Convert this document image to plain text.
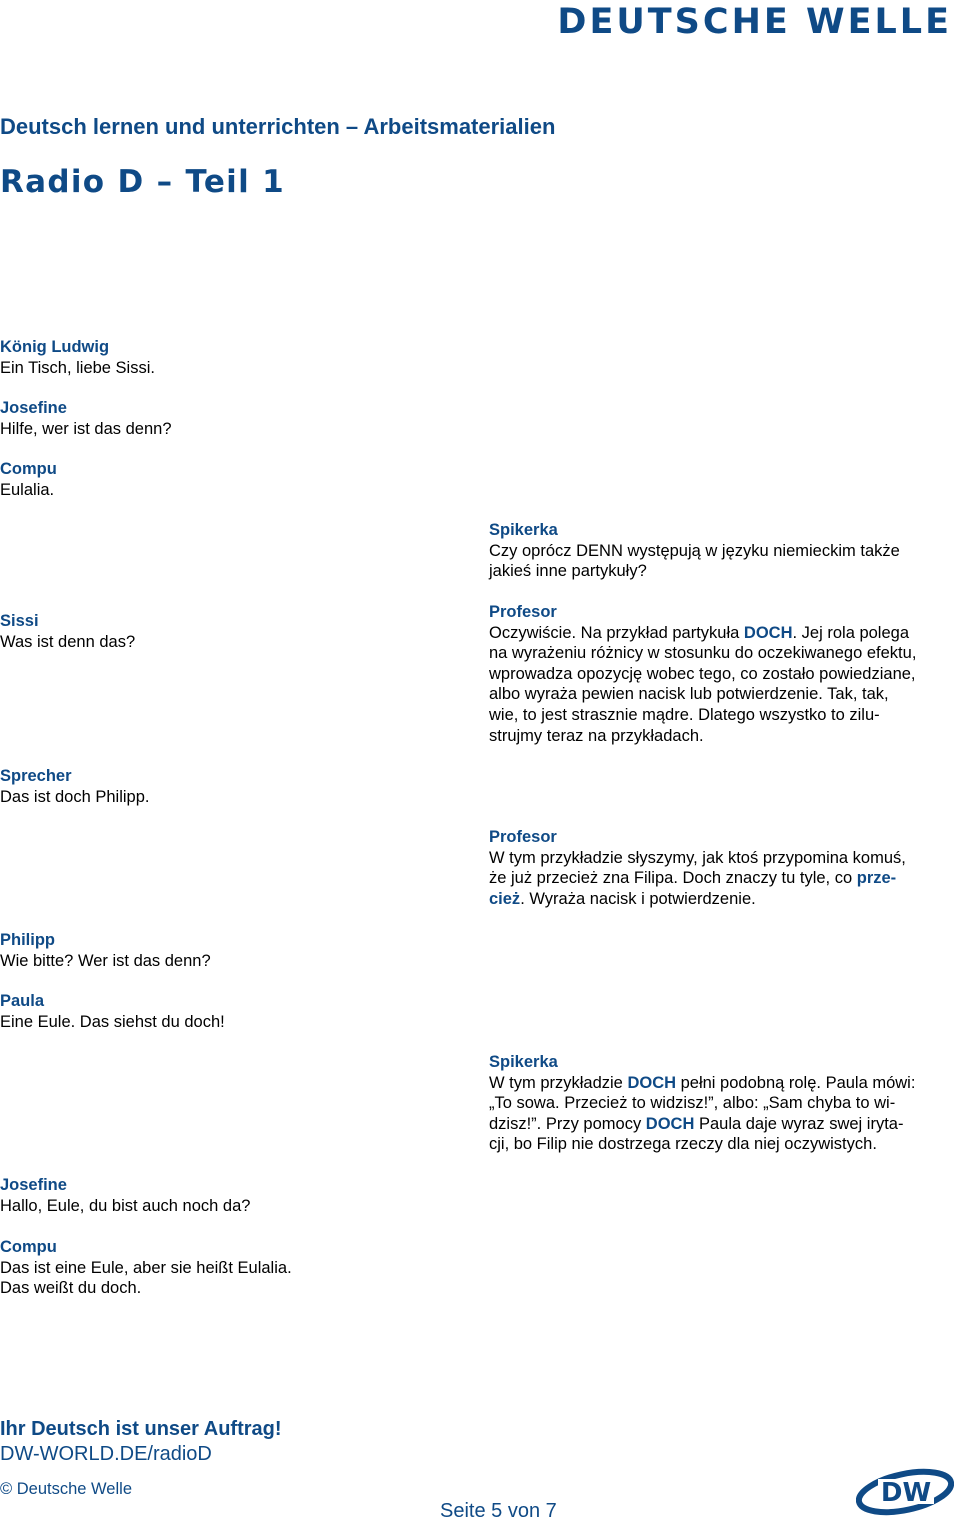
DEUTSCHE WELLE
Deutsch lernen und unterrichten – Arbeitsmaterialien
Radio D – Teil 1
Sissi
Was ist denn das?
König Ludwig
Ein Tisch, liebe Sissi.
Josefine
Hilfe, wer ist das denn?
Compu
Eulalia.
Sprecher
Das ist doch Philipp.
Philipp
Wie bitte? Wer ist das denn?
Paula
Eine Eule. Das siehst du doch!
Josefine
Hallo, Eule, du bist auch noch da?
Compu
Das ist eine Eule, aber sie heißt Eulalia.
Das weißt du doch.
Spikerka
Czy oprócz DENN występują w języku niemieckim także
jakieś inne partykuły?
Profesor
Oczywiście. Na przykład partykuła DOCH. Jej rola polega
na wyrażeniu różnicy w stosunku do oczekiwanego efektu,
wprowadza opozycję wobec tego, co zostało powiedziane,
albo wyraża pewien nacisk lub potwierdzenie. Tak, tak,
wie, to jest strasznie mądre. Dlatego wszystko to zilu-
strujmy teraz na przykładach.
Profesor
W tym przykładzie słyszymy, jak ktoś przypomina komuś,
że już przecież zna Filipa. Doch znaczy tu tyle, co prze-
cież. Wyraża nacisk i potwierdzenie.
Spikerka
W tym przykładzie DOCH pełni podobną rolę. Paula mówi:
„To sowa. Przecież to widzisz!”, albo: „Sam chyba to wi-
dzisz!”. Przy pomocy DOCH Paula daje wyraz swej iryta-
cji, bo Filip nie dostrzega rzeczy dla niej oczywistych.
Ihr Deutsch ist unser Auftrag!
DW-WORLD.DE/radioD
© Deutsche Welle
Seite 5 von 7
DW
